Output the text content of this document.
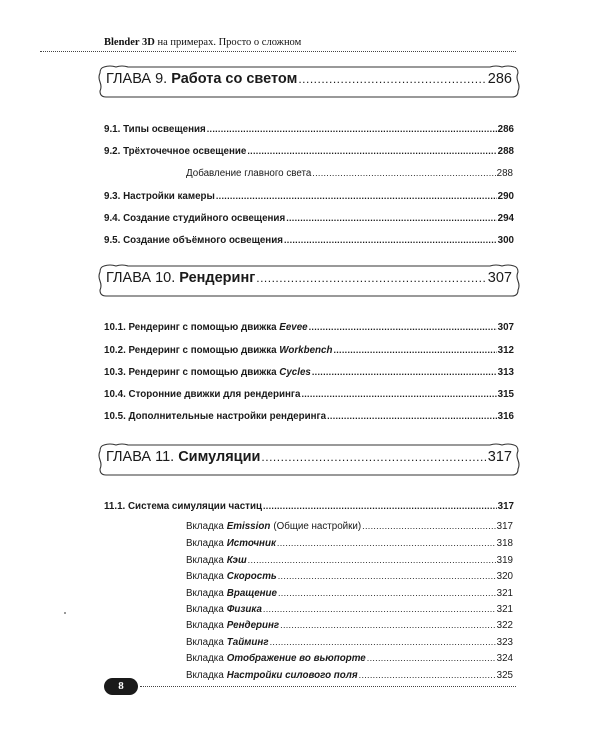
Blender 3D на примерах. Просто о сложном
ГЛАВА 9. Работа со светом .....	286
9.1. Типы освещения .....	286
9.2. Трёхточечное освещение .....	288
Добавление главного света .....	288
9.3. Настройки камеры .....	290
9.4. Создание студийного освещения .....	294
9.5. Создание объёмного освещения .....	300
ГЛАВА 10. Рендеринг .....	307
10.1. Рендеринг с помощью движка Eevee .....	307
10.2. Рендеринг с помощью движка Workbench .....	312
10.3. Рендеринг с помощью движка Cycles .....	313
10.4. Сторонние движки для рендеринга .....	315
10.5. Дополнительные настройки рендеринга .....	316
ГЛАВА 11. Симуляции .....	317
11.1. Система симуляции частиц .....	317
Вкладка Emission (Общие настройки) .....	317
Вкладка Источник .....	318
Вкладка Кэш .....	319
Вкладка Скорость .....	320
Вкладка Вращение .....	321
Вкладка Физика .....	321
Вкладка Рендеринг .....	322
Вкладка Тайминг .....	323
Вкладка Отображение во вьюпорте .....	324
Вкладка Настройки силового поля .....	325
8
